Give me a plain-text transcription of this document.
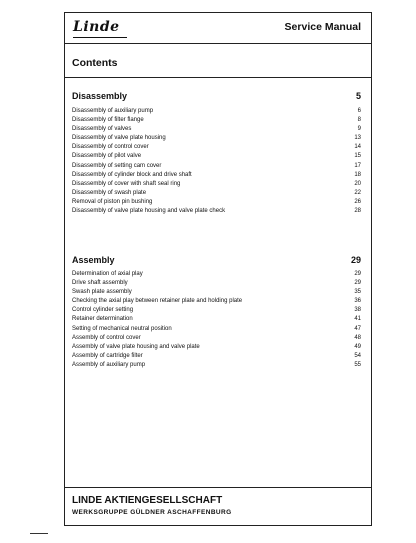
Linde	Service Manual
Contents
Disassembly	5
Disassembly of auxiliary pump	6
Disassembly of filter flange	8
Disassembly of valves	9
Disassembly of valve plate housing	13
Disassembly of control cover	14
Disassembly of pilot valve	15
Disassembly of setting cam cover	17
Disassembly of cylinder block and drive shaft	18
Disassembly of cover with shaft seal ring	20
Disassembly of swash plate	22
Removal of piston pin bushing	26
Disassembly of valve plate housing and valve plate check	28
Assembly	29
Determination of axial play	29
Drive shaft assembly	29
Swash plate assembly	35
Checking the axial play between retainer plate and holding plate	36
Control cylinder setting	38
Retainer determination	41
Setting of mechanical neutral position	47
Assembly of control cover	48
Assembly of valve plate housing and valve plate	49
Assembly of cartridge filter	54
Assembly of auxiliary pump	55
LINDE AKTIENGESELLSCHAFT
WERKSGRUPPE GÜLDNER ASCHAFFENBURG
